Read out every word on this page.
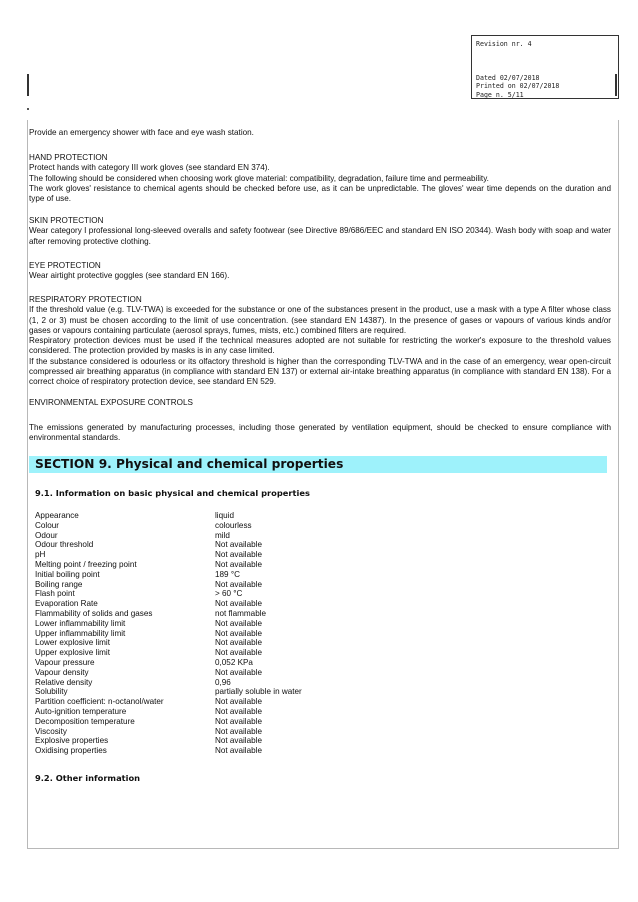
Revision nr. 4
Dated 02/07/2018
Printed on 02/07/2018
Page n. 5/11

Provide an emergency shower with face and eye wash station.

HAND PROTECTION

Protect hands with category III work gloves (see standard EN 374).

The following should be considered when choosing work glove material: compatibility, degradation, failure time and permeability.

The work gloves' resistance to chemical agents should be checked before use, as it can be unpredictable. The gloves' wear time depends on the duration and type of use.

SKIN PROTECTION

Wear category I professional long-sleeved overalls and safety footwear (see Directive 89/686/EEC and standard EN ISO 20344). Wash body with soap and water after removing protective clothing.

EYE PROTECTION

Wear airtight protective goggles (see standard EN 166).

RESPIRATORY PROTECTION

If the threshold value (e.g. TLV-TWA) is exceeded for the substance or one of the substances present in the product, use a mask with a type A filter whose class (1, 2 or 3) must be chosen according to the limit of use concentration. (see standard EN 14387). In the presence of gases or vapours of various kinds and/or gases or vapours containing particulate (aerosol sprays, fumes, mists, etc.) combined filters are required.

Respiratory protection devices must be used if the technical measures adopted are not suitable for restricting the worker's exposure to the threshold values considered. The protection provided by masks is in any case limited.

If the substance considered is odourless or its olfactory threshold is higher than the corresponding TLV-TWA and in the case of an emergency, wear open-circuit compressed air breathing apparatus (in compliance with standard EN 137) or external air-intake breathing apparatus (in compliance with standard EN 138). For a correct choice of respiratory protection device, see standard EN 529.

ENVIRONMENTAL EXPOSURE CONTROLS

The emissions generated by manufacturing processes, including those generated by ventilation equipment, should be checked to ensure compliance with environmental standards.

SECTION 9. Physical and chemical properties
9.1. Information on basic physical and chemical properties
Appearance	liquid
Colour	colourless
Odour	mild
Odour threshold	Not available
pH	Not available
Melting point / freezing point	Not available
Initial boiling point	189 °C
Boiling range	Not available
Flash point	> 60 °C
Evaporation Rate	Not available
Flammability of solids and gases	not flammable
Lower inflammability limit	Not available
Upper inflammability limit	Not available
Lower explosive limit	Not available
Upper explosive limit	Not available
Vapour pressure	0,052 KPa
Vapour density	Not available
Relative density	0,96
Solubility	partially soluble in water
Partition coefficient: n-octanol/water	Not available
Auto-ignition temperature	Not available
Decomposition temperature	Not available
Viscosity	Not available
Explosive properties	Not available
Oxidising properties	Not available
9.2. Other information
